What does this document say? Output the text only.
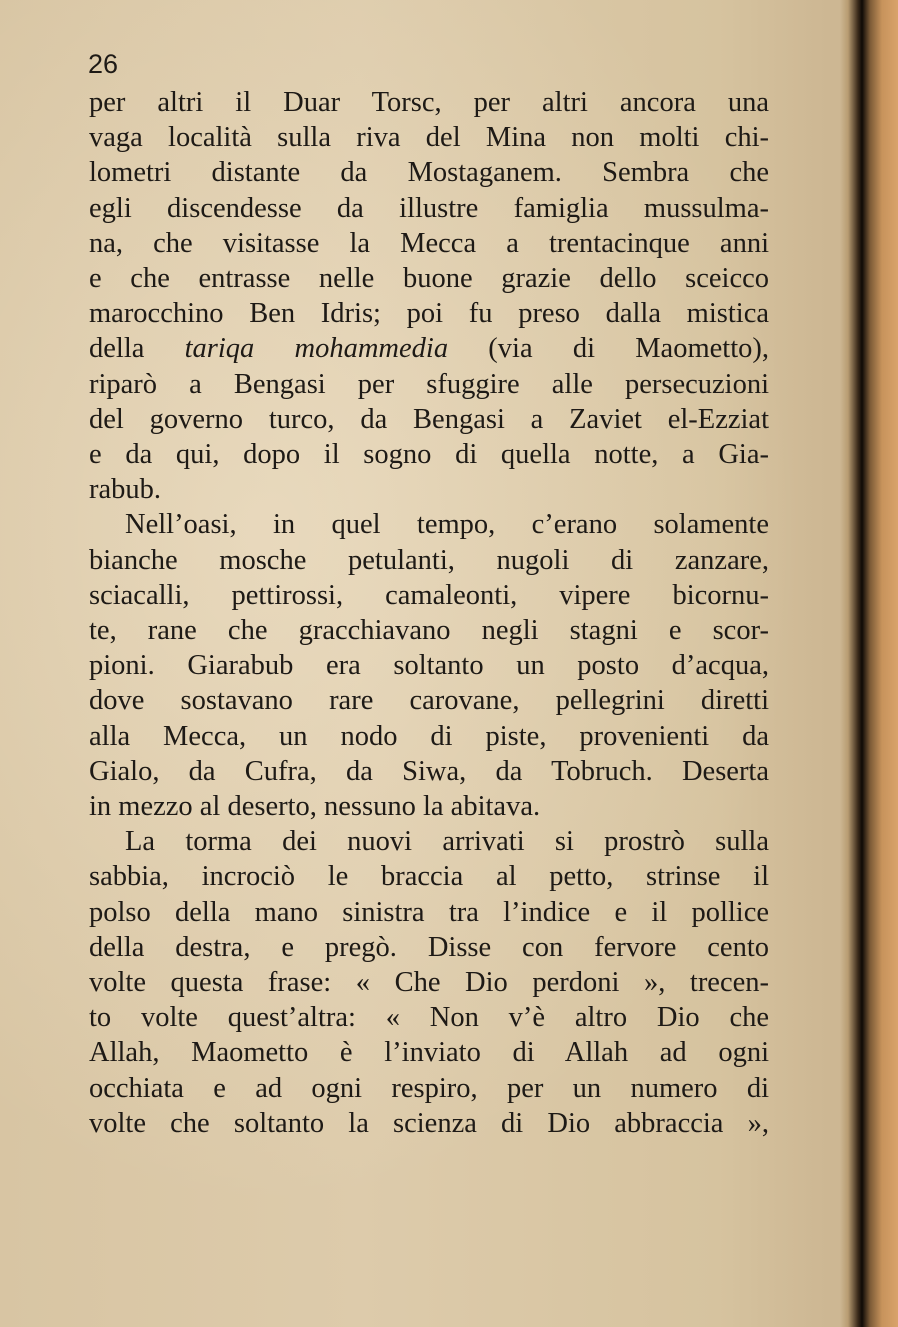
26
per altri il Duar Torsc, per altri ancora una
vaga località sulla riva del Mina non molti chi-
lometri distante da Mostaganem. Sembra che
egli discendesse da illustre famiglia mussulma-
na, che visitasse la Mecca a trentacinque anni
e che entrasse nelle buone grazie dello sceicco
marocchino Ben Idris; poi fu preso dalla mistica
della tariqa mohammedia (via di Maometto),
riparò a Bengasi per sfuggire alle persecuzioni
del governo turco, da Bengasi a Zaviet el-Ezziat
e da qui, dopo il sogno di quella notte, a Gia-
rabub.
Nell’oasi, in quel tempo, c’erano solamente
bianche mosche petulanti, nugoli di zanzare,
sciacalli, pettirossi, camaleonti, vipere bicornu-
te, rane che gracchiavano negli stagni e scor-
pioni. Giarabub era soltanto un posto d’acqua,
dove sostavano rare carovane, pellegrini diretti
alla Mecca, un nodo di piste, provenienti da
Gialo, da Cufra, da Siwa, da Tobruch. Deserta
in mezzo al deserto, nessuno la abitava.
La torma dei nuovi arrivati si prostrò sulla
sabbia, incrociò le braccia al petto, strinse il
polso della mano sinistra tra l’indice e il pollice
della destra, e pregò. Disse con fervore cento
volte questa frase: « Che Dio perdoni », trecen-
to volte quest’altra: « Non v’è altro Dio che
Allah, Maometto è l’inviato di Allah ad ogni
occhiata e ad ogni respiro, per un numero di
volte che soltanto la scienza di Dio abbraccia »,
